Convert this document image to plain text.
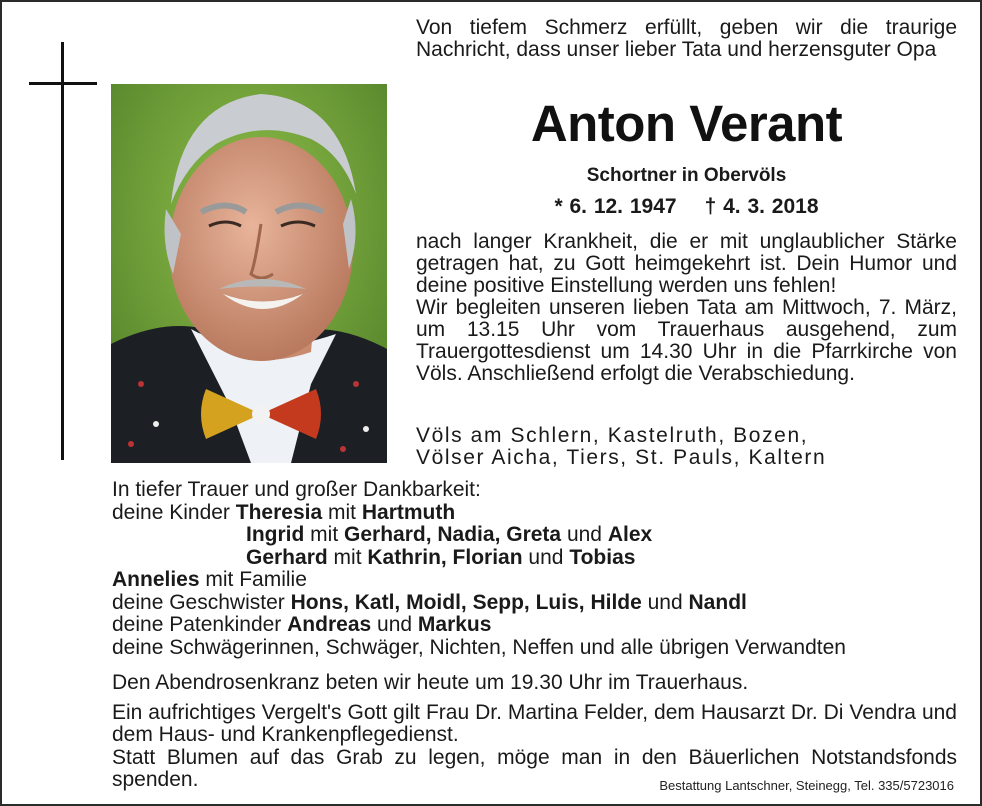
Von tiefem Schmerz erfüllt, geben wir die traurige Nachricht, dass unser lieber Tata und herzensguter Opa
Anton Verant
Schortner in Obervöls
* 6. 12. 1947 † 4. 3. 2018

nach langer Krankheit, die er mit unglaublicher Stärke getragen hat, zu Gott heimgekehrt ist. Dein Humor und deine positive Einstellung werden uns fehlen!

Wir begleiten unseren lieben Tata am Mittwoch, 7. März, um 13.15 Uhr vom Trauerhaus ausgehend, zum Trauergottesdienst um 14.30 Uhr in die Pfarrkirche von Völs. Anschließend erfolgt die Verabschiedung.

Völs am Schlern, Kastelruth, Bozen,
Völser Aicha, Tiers, St. Pauls, Kaltern
In tiefer Trauer und großer Dankbarkeit:
deine Kinder Theresia mit Hartmuth
Ingrid mit Gerhard, Nadia, Greta und Alex
Gerhard mit Kathrin, Florian und Tobias
Annelies mit Familie
deine Geschwister Hons, Katl, Moidl, Sepp, Luis, Hilde und Nandl
deine Patenkinder Andreas und Markus
deine Schwägerinnen, Schwäger, Nichten, Neffen und alle übrigen Verwandten
Den Abendrosenkranz beten wir heute um 19.30 Uhr im Trauerhaus.
Ein aufrichtiges Vergelt's Gott gilt Frau Dr. Martina Felder, dem Hausarzt Dr. Di Vendra und dem Haus- und Krankenpflegedienst.
Statt Blumen auf das Grab zu legen, möge man in den Bäuerlichen Notstandsfonds spenden.	Bestattung Lantschner, Steinegg, Tel. 335/5723016
